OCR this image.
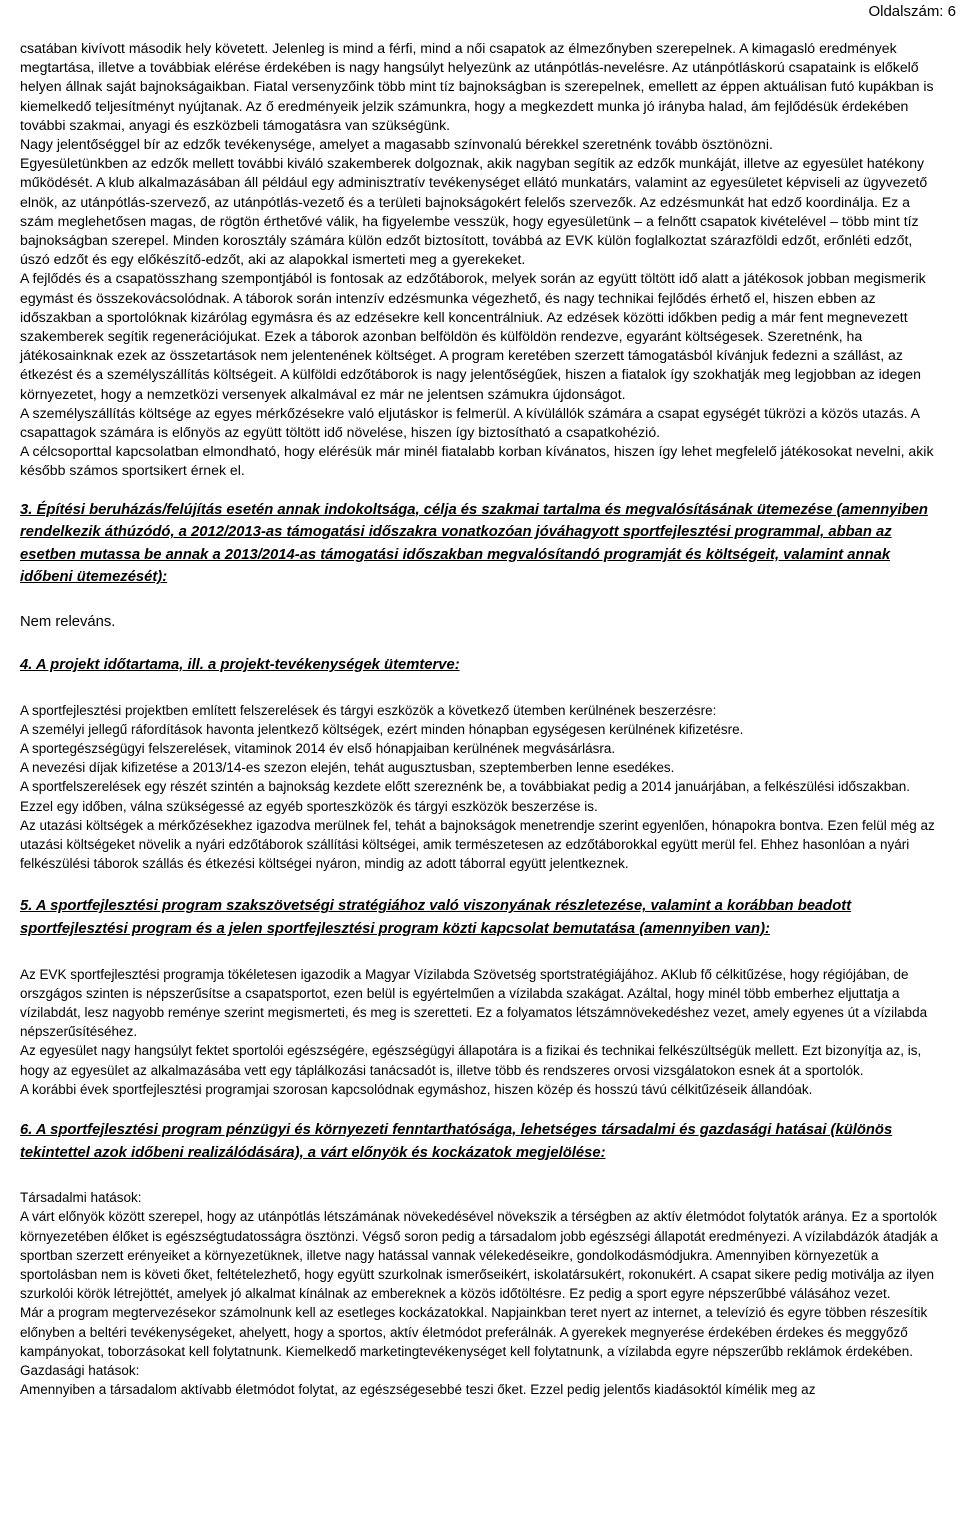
Oldalszám: 6

csatában kivívott második hely követett. Jelenleg is mind a férfi, mind a női csapatok az élmezőnyben szerepelnek. A kimagasló eredmények megtartása, illetve a továbbiak elérése érdekében is nagy hangsúlyt helyezünk az utánpótlás-nevelésre. Az utánpótláskorú csapataink is előkelő helyen állnak saját bajnokságaikban. Fiatal versenyzőink több mint tíz bajnokságban is szerepelnek, emellett az éppen aktuálisan futó kupákban is kiemelkedő teljesítményt nyújtanak. Az ő eredményeik jelzik számunkra, hogy a megkezdett munka jó irányba halad, ám fejlődésük érdekében további szakmai, anyagi és eszközbeli támogatásra van szükségünk.

Nagy jelentőséggel bír az edzők tevékenysége, amelyet a magasabb színvonalú bérekkel szeretnénk tovább ösztönözni.

Egyesületünkben az edzők mellett további kiváló szakemberek dolgoznak, akik nagyban segítik az edzők munkáját, illetve az egyesület hatékony működését. A klub alkalmazásában áll például egy adminisztratív tevékenységet ellátó munkatárs, valamint az egyesületet képviseli az ügyvezető elnök, az utánpótlás-szervező, az utánpótlás-vezető és a területi bajnokságokért felelős szervezők. Az edzésmunkát hat edző koordinálja. Ez a szám meglehetősen magas, de rögtön érthetővé válik, ha figyelembe vesszük, hogy egyesületünk – a felnőtt csapatok kivételével – több mint tíz bajnokságban szerepel. Minden korosztály számára külön edzőt biztosított, továbbá az EVK külön foglalkoztat szárazföldi edzőt, erőnléti edzőt, úszó edzőt és egy előkészítő-edzőt, aki az alapokkal ismerteti meg a gyerekeket.

A fejlődés és a csapatösszhang szempontjából is fontosak az edzőtáborok, melyek során az együtt töltött idő alatt a játékosok jobban megismerik egymást és összekovácsolódnak. A táborok során intenzív edzésmunka végezhető, és nagy technikai fejlődés érhető el, hiszen ebben az időszakban a sportolóknak kizárólag egymásra és az edzésekre kell koncentrálniuk. Az edzések közötti időkben pedig a már fent megnevezett szakemberek segítik regenerációjukat. Ezek a táborok azonban belföldön és külföldön rendezve, egyaránt költségesek. Szeretnénk, ha játékosainknak ezek az összetartások nem jelentenének költséget. A program keretében szerzett támogatásból kívánjuk fedezni a szállást, az étkezést és a személyszállítás költségeit. A külföldi edzőtáborok is nagy jelentőségűek, hiszen a fiatalok így szokhatják meg legjobban az idegen környezetet, hogy a nemzetközi versenyek alkalmával ez már ne jelentsen számukra újdonságot.

A személyszállítás költsége az egyes mérkőzésekre való eljutáskor is felmerül. A kívülállók számára a csapat egységét tükrözi a közös utazás. A csapattagok számára is előnyös az együtt töltött idő növelése, hiszen így biztosítható a csapatkohézió.

A célcsoporttal kapcsolatban elmondható, hogy elérésük már minél fiatalabb korban kívánatos, hiszen így lehet megfelelő játékosokat nevelni, akik később számos sportsikert érnek el.

3. Építési beruházás/felújítás esetén annak indokoltsága, célja és szakmai tartalma és megvalósításának ütemezése (amennyiben rendelkezik áthúzódó, a 2012/2013-as támogatási időszakra vonatkozóan jóváhagyott sportfejlesztési programmal, abban az esetben mutassa be annak a 2013/2014-as támogatási időszakban megvalósítandó programját és költségeit, valamint annak időbeni ütemezését):

Nem releváns.

4. A projekt időtartama, ill. a projekt-tevékenységek ütemterve:

A sportfejlesztési projektben említett felszerelések és tárgyi eszközök a következő ütemben kerülnének beszerzésre:

A személyi jellegű ráfordítások havonta jelentkező költségek, ezért minden hónapban egységesen kerülnének kifizetésre.

A sportegészségügyi felszerelések, vitaminok 2014 év első hónapjaiban kerülnének megvásárlásra.

A nevezési díjak kifizetése a 2013/14-es szezon elején, tehát augusztusban, szeptemberben lenne esedékes.

A sportfelszerelések egy részét szintén a bajnokság kezdete előtt szereznénk be, a továbbiakat pedig a 2014 januárjában, a felkészülési időszakban. Ezzel egy időben, válna szükségessé az egyéb sporteszközök és tárgyi eszközök beszerzése is.

Az utazási költségek a mérkőzésekhez igazodva merülnek fel, tehát a bajnokságok menetrendje szerint egyenlően, hónapokra bontva. Ezen felül még az utazási költségeket növelik a nyári edzőtáborok szállítási költségei, amik természetesen az edzőtáborokkal együtt merül fel. Ehhez hasonlóan a nyári felkészülési táborok szállás és étkezési költségei nyáron, mindig az adott táborral együtt jelentkeznek.

5. A sportfejlesztési program szakszövetségi stratégiához való viszonyának részletezése, valamint a korábban beadott sportfejlesztési program és a jelen sportfejlesztési program közti kapcsolat bemutatása (amennyiben van):

Az EVK sportfejlesztési programja tökéletesen igazodik a Magyar Vízilabda Szövetség sportstratégiájához. AKlub fő célkitűzése, hogy régiójában, de orszgágos szinten is népszerűsítse a csapatsportot, ezen belül is egyértelműen a vízilabda szakágat. Azáltal, hogy minél több emberhez eljuttatja a vízilabdát, lesz nagyobb reménye szerint megismerteti, és meg is szeretteti. Ez a folyamatos létszámnövekedéshez vezet, amely egyenes út a vízilabda népszerűsítéséhez.

Az egyesület nagy hangsúlyt fektet sportolói egészségére, egészségügyi állapotára is a fizikai és technikai felkészültségük mellett. Ezt bizonyítja az, is, hogy az egyesület az alkalmazásába vett egy táplálkozási tanácsadót is, illetve több és rendszeres orvosi vizsgálatokon esnek át a sportolók.

A korábbi évek sportfejlesztési programjai szorosan kapcsolódnak egymáshoz, hiszen közép és hosszú távú célkitűzéseik állandóak.

6. A sportfejlesztési program pénzügyi és környezeti fenntarthatósága, lehetséges társadalmi és gazdasági hatásai (különös tekintettel azok időbeni realizálódására), a várt előnyök és kockázatok megjelölése:

Társadalmi hatások:

A várt előnyök között szerepel, hogy az utánpótlás létszámának növekedésével növekszik a térségben az aktív életmódot folytatók aránya. Ez a sportolók környezetében élőket is egészségtudatosságra ösztönzi. Végső soron pedig a társadalom jobb egészségi állapotát eredményezi. A vízilabdázók átadják a sportban szerzett erényeiket a környezetüknek, illetve nagy hatással vannak vélekedéseikre, gondolkodásmódjukra. Amennyiben környezetük a sportolásban nem is követi őket, feltételezhető, hogy együtt szurkolnak ismerőseikért, iskolatársukért, rokonukért. A csapat sikere pedig motiválja az ilyen szurkolói körök létrejöttét, amelyek jó alkalmat kínálnak az embereknek a közös időtöltésre. Ez pedig a sport egyre népszerűbbé válásához vezet.

Már a program megtervezésekor számolnunk kell az esetleges kockázatokkal. Napjainkban teret nyert az internet, a televízió és egyre többen részesítik előnyben a beltéri tevékenységeket, ahelyett, hogy a sportos, aktív életmódot preferálnák. A gyerekek megnyerése érdekében érdekes és meggyőző kampányokat, toborzásokat kell folytatnunk. Kiemelkedő marketingtevékenységet kell folytatnunk, a vízilabda egyre népszerűbb reklámok érdekében.

Gazdasági hatások:

Amennyiben a társadalom aktívabb életmódot folytat, az egészségesebbé teszi őket. Ezzel pedig jelentős kiadásoktól kímélik meg az
